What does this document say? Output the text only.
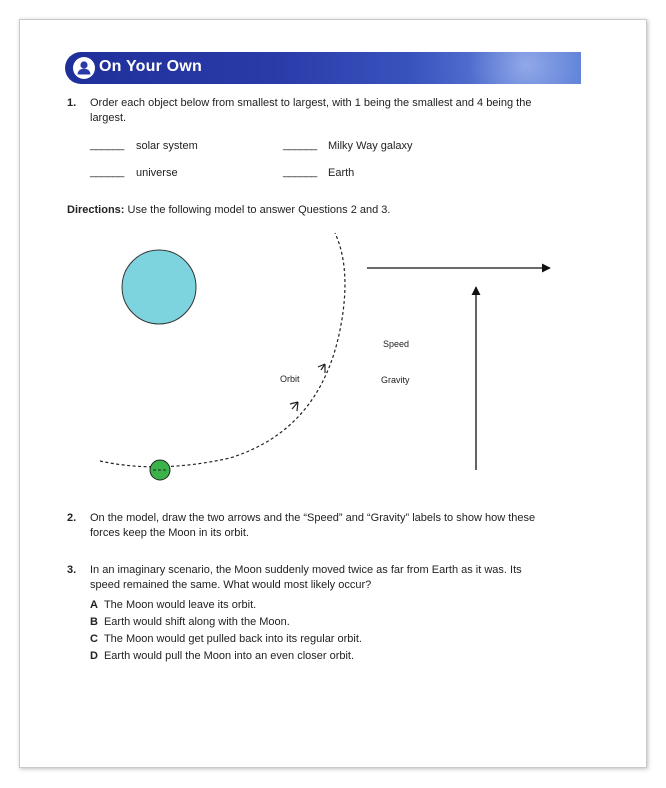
On Your Own
1. Order each object below from smallest to largest, with 1 being the smallest and 4 being the
largest.
______ solar system	______ Milky Way galaxy
______ universe	______ Earth
Directions: Use the following model to answer Questions 2 and 3.
Orbit
Speed
Gravity
2. On the model, draw the two arrows and the “Speed” and “Gravity” labels to show how these
forces keep the Moon in its orbit.
3. In an imaginary scenario, the Moon suddenly moved twice as far from Earth as it was. Its
speed remained the same. What would most likely occur?
A The Moon would leave its orbit.
B Earth would shift along with the Moon.
C The Moon would get pulled back into its regular orbit.
D Earth would pull the Moon into an even closer orbit.
